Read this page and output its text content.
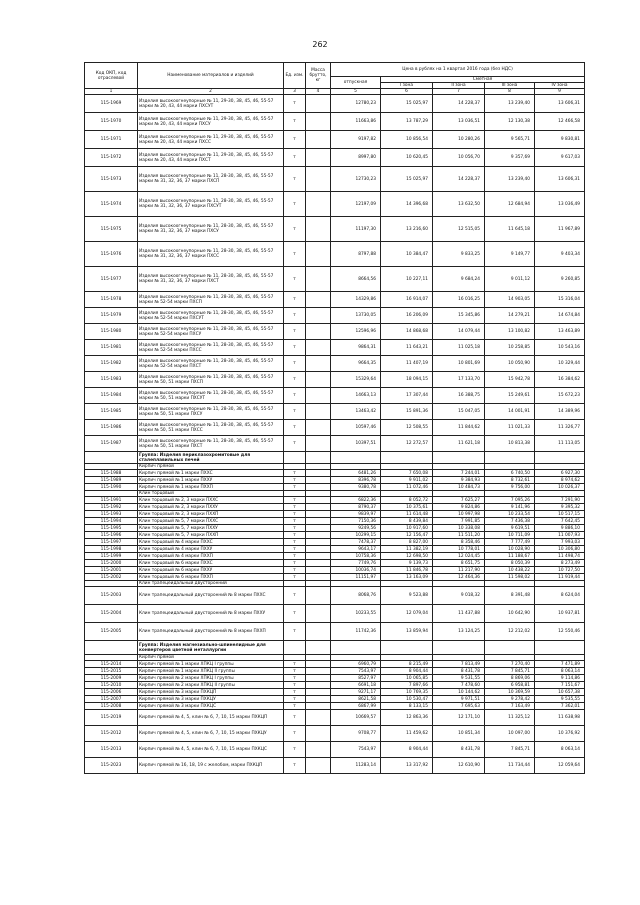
262
Код ОКП, код отраслевой	Наименование материалов и изделий	Ед. изм.	Масса брутто, кг	Цена в рублях на 1 квартал 2016 года (без НДС)				
				отпускная	Сметная			
					I зона	II зона	III зона	IV зона
1	2	3	4	5	6	7	8	9
115-1969	Изделия высокоогнеупорные № 11, 29-30, 38, 45, 46, 55-57 марки № 20, 43, 44 марки ПХСУТ	т		12780,23	15 025,97	14 228,37	13 239,40	13 606,31
115-1970	Изделия высокоогнеупорные № 11, 29-30, 38, 45, 46, 55-57 марки № 20, 43, 44 марки ПХСУ	т		11663,86	13 787,29	13 036,51	12 130,38	12 466,58
115-1971	Изделия высокоогнеупорные № 11, 29-30, 38, 45, 46, 55-57 марки № 20, 43, 44 марки ПХСС	т		9197,82	10 856,54	10 280,26	9 565,71	9 830,81
115-1972	Изделия высокоогнеупорные № 11, 29-30, 38, 45, 46, 55-57 марки № 20, 43, 44 марки ПХСТ	т		8997,80	10 620,45	10 056,70	9 357,69	9 617,03
115-1973	Изделия высокоогнеупорные № 11, 28-30, 38, 45, 46, 55-57 марки № 31, 32, 36, 37 марки ПХСП	т		12730,23	15 025,97	14 228,37	13 239,40	13 606,31
115-1974	Изделия высокоогнеупорные № 11, 28-30, 38, 45, 46, 55-57 марки № 31, 32, 36, 37 марки ПХСУТ	т		12197,09	14 396,68	13 632,50	12 684,94	13 036,49
115-1975	Изделия высокоогнеупорные № 11, 28-30, 38, 45, 46, 55-57 марки № 31, 32, 36, 37 марки ПХСУ	т		11197,30	13 216,60	12 515,05	11 645,18	11 967,89
115-1976	Изделия высокоогнеупорные № 11, 28-30, 38, 45, 46, 55-57 марки № 31, 32, 36, 37 марки ПХСС	т		8797,88	10 384,47	9 833,25	9 149,77	9 403,34
115-1977	Изделия высокоогнеупорные № 11, 28-30, 38, 45, 46, 55-57 марки № 31, 32, 36, 37 марки ПХСТ	т		8664,56	10 227,11	9 684,24	9 011,12	9 260,85
115-1978	Изделия высокоогнеупорные № 11, 28-30, 38, 45, 46, 55-57 марки № 52-54 марки ПХСП	т		14329,86	16 914,07	16 016,25	14 903,05	15 316,04
115-1979	Изделия высокоогнеупорные № 11, 28-30, 38, 45, 46, 55-57 марки № 52-54 марки ПХСУТ	т		13730,05	16 206,09	15 345,86	14 279,21	14 674,84
115-1980	Изделия высокоогнеупорные № 11, 28-30, 38, 45, 46, 55-57 марки № 52-54 марки ПХСУ	т		12596,96	14 868,68	14 079,44	13 100,82	13 463,89
115-1981	Изделия высокоогнеупорные № 11, 28-30, 38, 45, 46, 55-57 марки № 52-54 марки ПХСС	т		9864,31	11 643,21	11 025,18	10 258,85	10 543,16
115-1982	Изделия высокоогнеупорные № 11, 28-30, 38, 45, 46, 55-57 марки № 52-54 марки ПХСТ	т		9664,35	11 407,19	10 801,69	10 050,90	10 329,44
115-1983	Изделия высокоогнеупорные № 11, 28-30, 38, 45, 46, 55-57 марки № 50, 51 марки ПХСП	т		15329,64	18 094,15	17 133,70	15 942,78	16 384,62
115-1984	Изделия высокоогнеупорные № 11, 28-30, 38, 45, 46, 55-57 марки № 50, 51 марки ПХСУТ	т		14663,13	17 307,44	16 388,75	15 249,61	15 672,23
115-1985	Изделия высокоогнеупорные № 11, 28-30, 38, 45, 46, 55-57 марки № 50, 51 марки ПХСУ	т		13463,42	15 891,36	15 047,05	14 001,91	14 389,96
115-1986	Изделия высокоогнеупорные № 11, 28-30, 38, 45, 46, 55-57 марки № 50, 51 марки ПХСС	т		10597,46	12 508,55	11 844,62	11 021,33	11 326,77
115-1987	Изделия высокоогнеупорные № 11, 28-30, 38, 45, 46, 55-57 марки № 50, 51 марки ПХСТ	т		10397,51	12 272,57	11 621,18	10 813,38	11 113,05
	Группа: Изделия периклазохромитовые для сталеплавильных печей							
	Кирпич прямой							
115-1988	Кирпич прямой № 1 марки ПХХС	т		6481,26	7 650,08	7 244,01	6 740,50	6 927,30
115-1989	Кирпич прямой № 1 марки ПХХУ	т		8396,78	9 911,02	9 384,93	8 732,61	8 974,62
115-1990	Кирпич прямой № 1 марки ПХХП	т		9380,78	11 072,46	10 484,73	9 756,00	10 026,37
	Клин торцовый							
115-1991	Клин торцовый № 2, 3 марки ПХХС	т		6822,36	8 052,72	7 625,27	7 095,26	7 291,90
115-1992	Клин торцовый № 2, 3 марки ПХХУ	т		8790,37	10 375,61	9 824,86	9 141,96	9 395,32
115-1993	Клин торцовый № 2, 3 марки ПХХП	т		9839,97	11 614,48	10 997,98	10 233,54	10 517,15
115-1994	Клин торцовый № 5, 7 марки ПХХС	т		7150,36	8 439,84	7 991,85	7 436,38	7 642,45
115-1995	Клин торцовый № 5, 7 марки ПХХУ	т		9249,56	10 917,60	10 338,08	9 619,51	9 886,10
115-1996	Клин торцовый № 5, 7 марки ПХХП	т		10299,15	12 156,47	11 511,20	10 711,09	11 007,93
115-1997	Клин торцовый № 4 марки ПХХС	т		7478,37	8 827,00	8 358,46	7 777,49	7 993,03
115-1998	Клин торцовый № 4 марки ПХХУ	т		9643,17	11 382,19	10 778,01	10 028,90	10 306,80
115-1999	Клин торцовый № 4 марки ПХХП	т		10758,36	12 698,50	12 024,45	11 188,67	11 498,74
115-2000	Клин торцовый № 6 марки ПХХС	т		7749,76	9 139,73	8 651,75	8 050,39	8 273,49
115-2001	Клин торцовый № 6 марки ПХХУ	т		10036,74	11 846,78	11 217,90	10 438,22	10 727,50
115-2002	Клин торцовый № 6 марки ПХХП	т		11151,97	13 163,09	12 464,36	11 598,02	11 919,44
	Клин трапецеидальный двусторонний							
115-2003	Клин трапецеидальный двусторонний № 8 марки ПХХС	т		8068,76	9 523,88	9 018,32	8 391,48	8 624,04
115-2004	Клин трапецеидальный двусторонний № 8 марки ПХХУ	т		10233,55	12 079,04	11 437,88	10 642,90	10 937,81
115-2005	Клин трапецеидальный двусторонний № 8 марки ПХХП	т		11742,36	13 859,94	13 124,25	12 212,02	12 550,46
	Группа: Изделия магнезиально-шпинелидные для конвертеров цветной металлургии							
	Кирпич прямой							
115-2014	Кирпич прямой № 1 марки ХПКЦ I группы	т		6960,79	8 215,49	7 813,49	7 270,40	7 471,89
115-2015	Кирпич прямой № 1 марки ХПКЦ II группы	т		7543,97	8 904,44	8 431,78	7 845,71	8 063,14
115-2009	Кирпич прямой № 2 марки ХПКЦ I группы	т		8527,97	10 065,85	9 531,55	8 869,06	9 114,86
115-2010	Кирпич прямой № 2 марки ХПКЦ II группы	т		6691,18	7 897,66	7 478,60	6 958,81	7 151,67
115-2006	Кирпич прямой № 3 марки ПХКЦП	т		9271,17	10 769,35	10 144,62	10 369,59	10 657,38
115-2007	Кирпич прямой № 3 марки ПХКЦУ	т		8621,58	10 530,47	9 971,51	9 278,42	9 535,55
115-2008	Кирпич прямой № 3 марки ПХКЦС	т		6867,99	8 133,15	7 695,63	7 163,49	7 362,01
115-2019	Кирпич прямой № 4, 5, клин № 6, 7, 10, 15 марки ПХКЦП	т		10669,57	12 863,36	12 171,10	11 325,12	11 638,98
115-2012	Кирпич прямой № 4, 5, клин № 6, 7, 10, 15 марки ПХКЦУ	т		9708,77	11 459,62	10 851,34	10 097,00	10 376,92
115-2013	Кирпич прямой № 4, 5, клин № 6, 7, 10, 15 марки ПХКЦС	т		7543,97	8 904,44	8 431,78	7 845,71	8 063,14
115-2023	Кирпич прямой № 16, 18, 19 с желобом, марки ПХКЦП	т		11283,14	13 317,92	12 610,90	11 734,44	12 059,64
